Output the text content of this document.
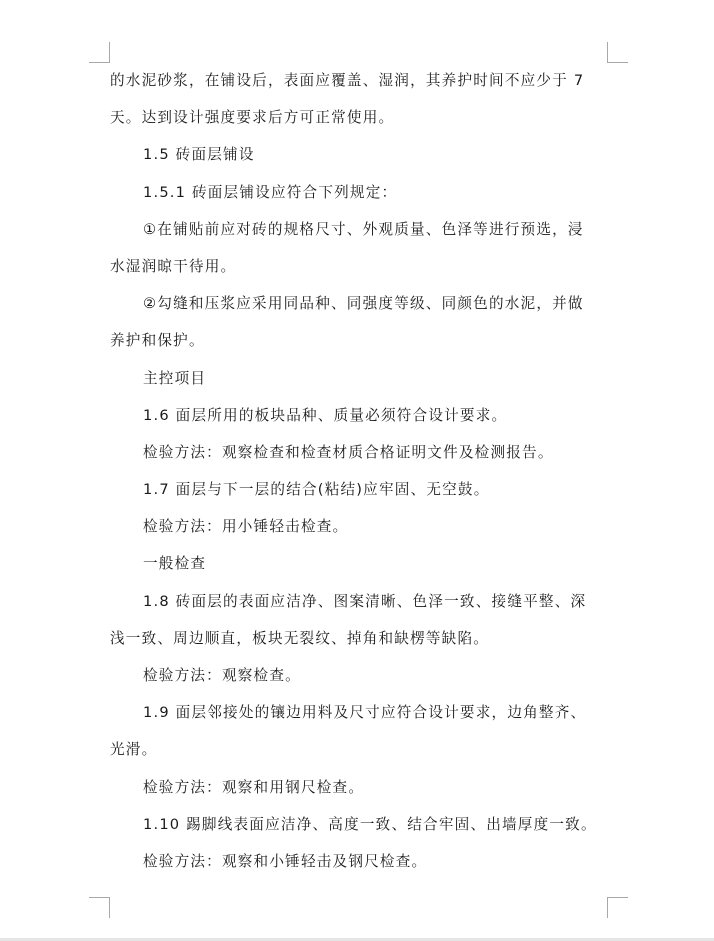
的水泥砂浆，在铺设后，表面应覆盖、湿润，其养护时间不应少于 7
天。达到设计强度要求后方可正常使用。
1.5 砖面层铺设
1.5.1 砖面层铺设应符合下列规定：
①在铺贴前应对砖的规格尺寸、外观质量、色泽等进行预选，浸
水湿润晾干待用。
②勾缝和压浆应采用同品种、同强度等级、同颜色的水泥，并做
养护和保护。
主控项目
1.6 面层所用的板块品种、质量必须符合设计要求。
检验方法：观察检查和检查材质合格证明文件及检测报告。
1.7 面层与下一层的结合(粘结)应牢固、无空鼓。
检验方法：用小锤轻击检查。
一般检查
1.8 砖面层的表面应洁净、图案清晰、色泽一致、接缝平整、深
浅一致、周边顺直，板块无裂纹、掉角和缺楞等缺陷。
检验方法：观察检查。
1.9 面层邻接处的镶边用料及尺寸应符合设计要求，边角整齐、
光滑。
检验方法：观察和用钢尺检查。
1.10 踢脚线表面应洁净、高度一致、结合牢固、出墙厚度一致。
检验方法：观察和小锤轻击及钢尺检查。
